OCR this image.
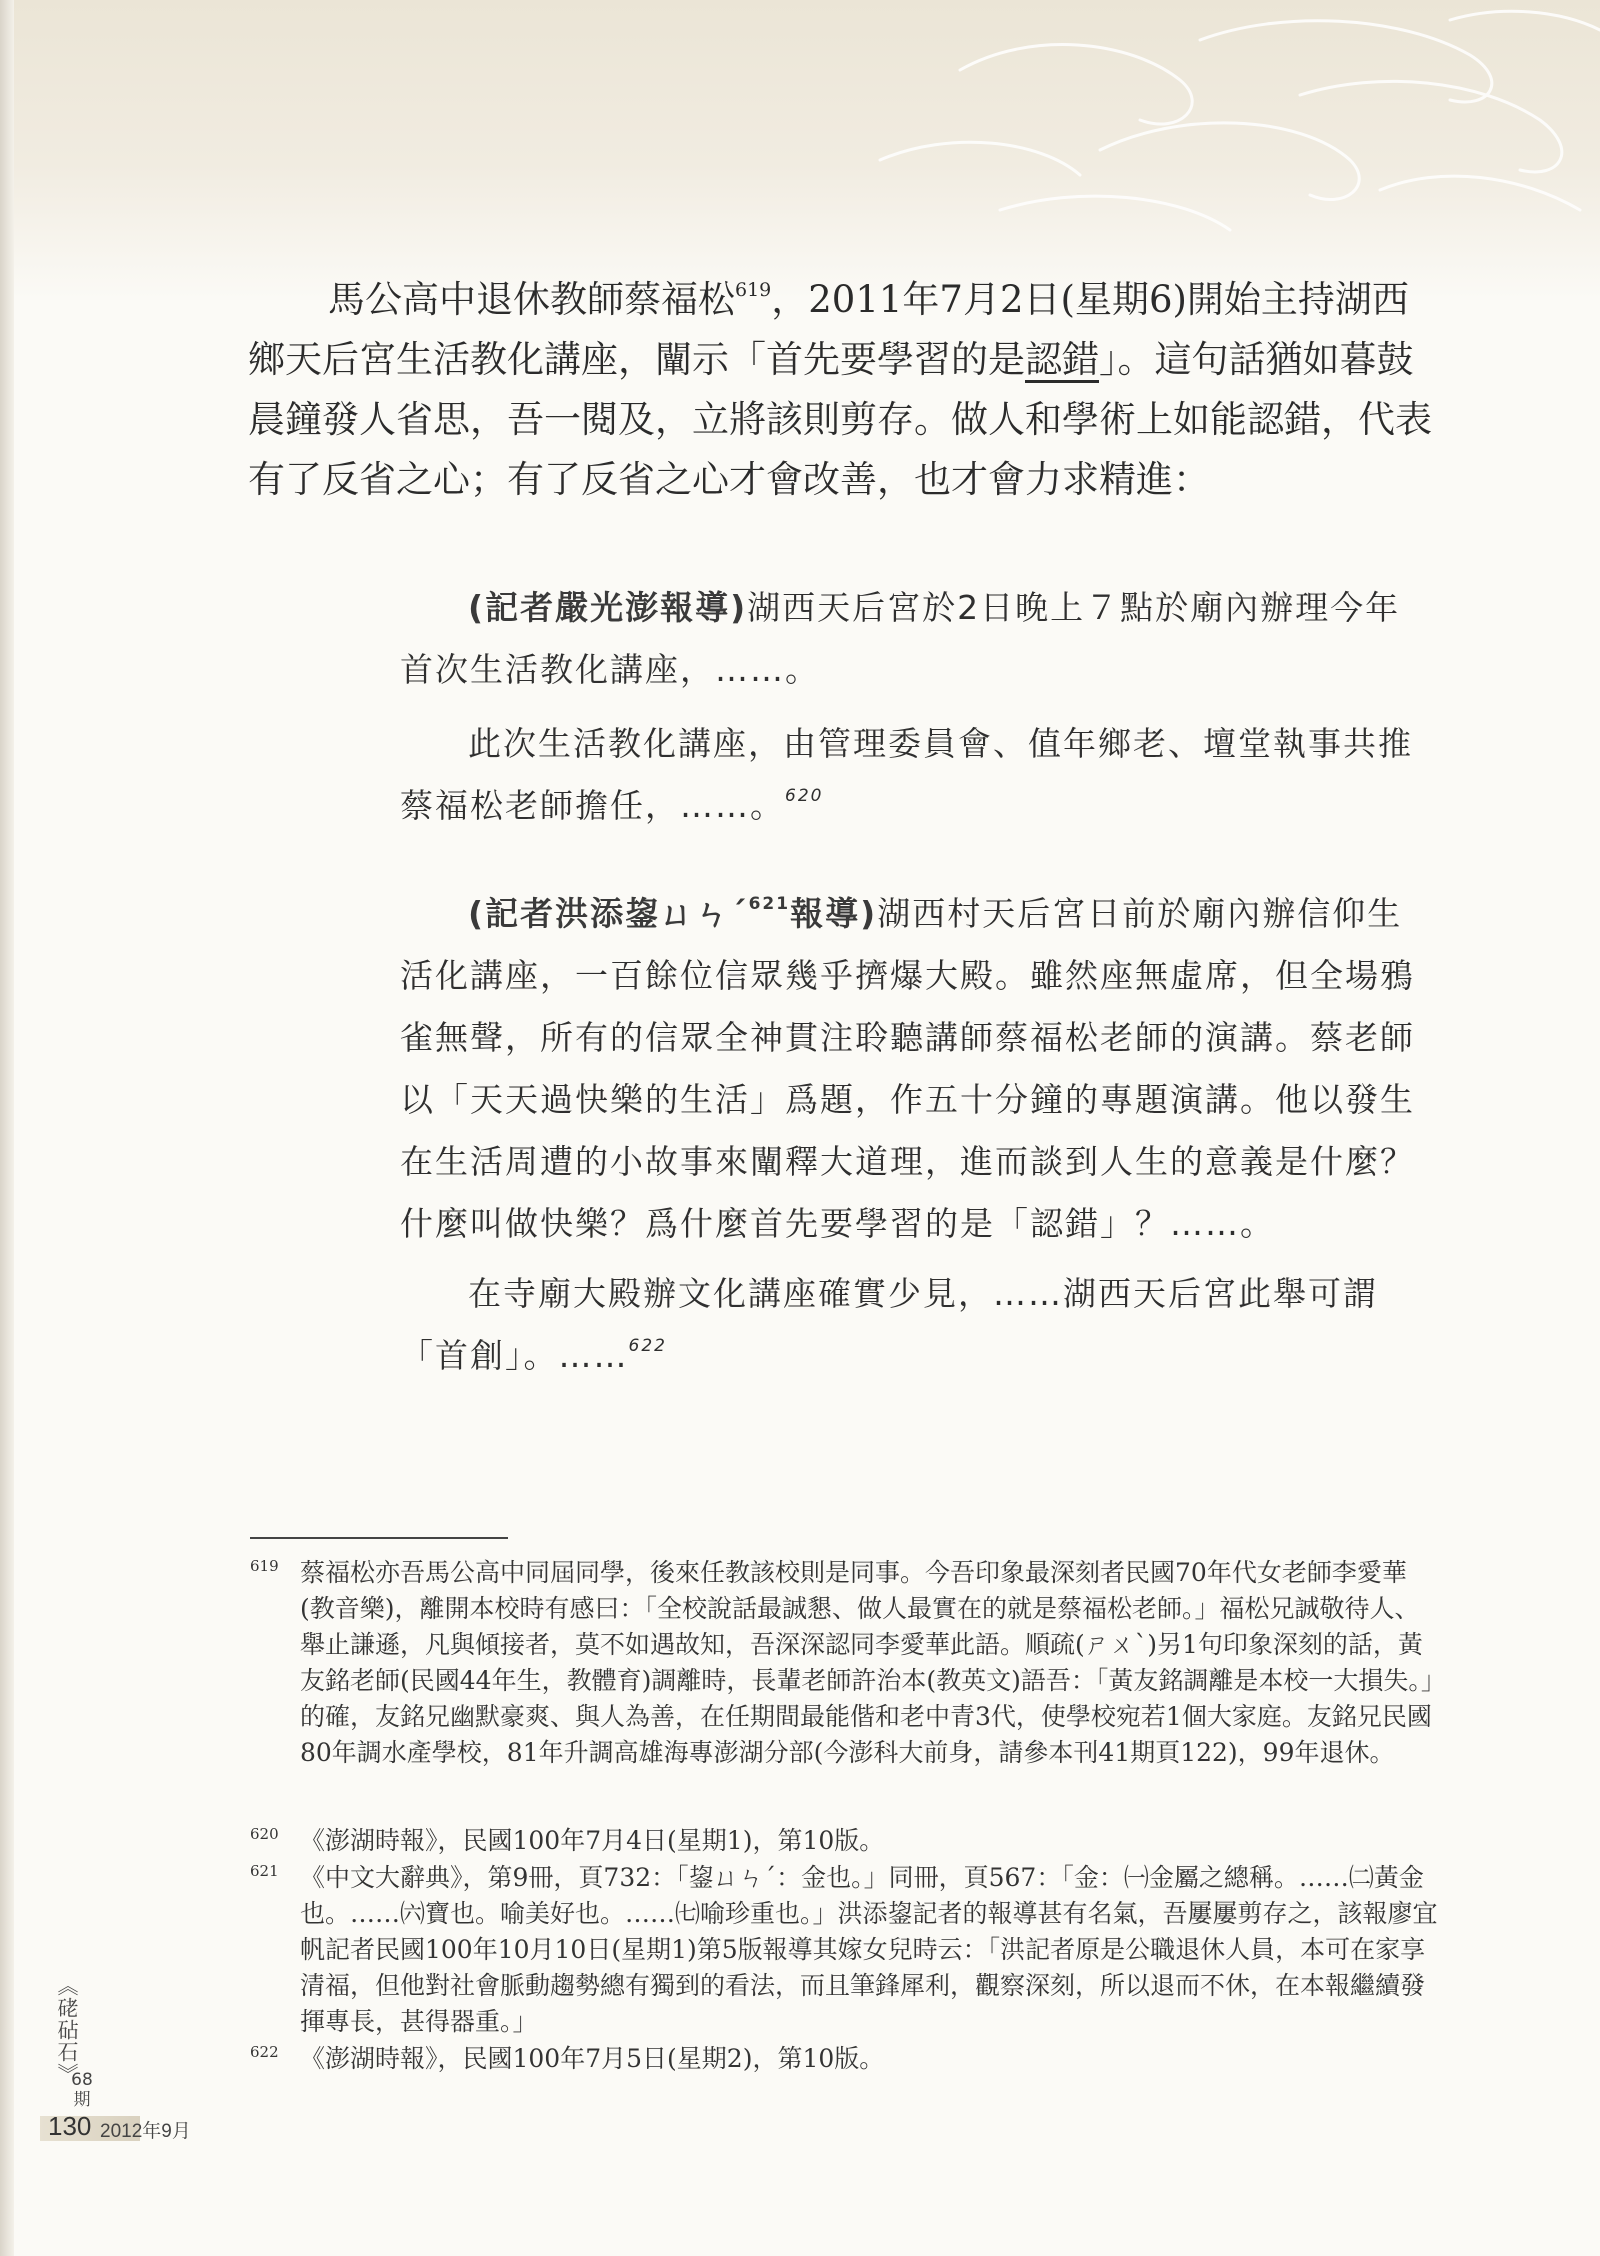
馬公高中退休教師蔡福松$^{619}$，2011年7月2日(星期6)開始主持湖西鄉天后宮生活教化講座，闡示「首先要學習的是認錯」。這句話猶如暮鼓晨鐘發人省思，吾一閱及，立將該則剪存。做人和學術上如能認錯，代表有了反省之心；有了反省之心才會改善，也才會力求精進：

(記者嚴光澎報導)湖西天后宮於2日晚上７點於廟內辦理今年首次生活教化講座，……。

此次生活教化講座，由管理委員會、值年鄉老、壇堂執事共推蔡福松老師擔任，……。$^{620}$

(記者洪添鋆ㄩㄣˊ$^{621}$報導)湖西村天后宮日前於廟內辦信仰生活化講座，一百餘位信眾幾乎擠爆大殿。雖然座無虛席，但全場鴉雀無聲，所有的信眾全神貫注聆聽講師蔡福松老師的演講。蔡老師以「天天過快樂的生活」爲題，作五十分鐘的專題演講。他以發生在生活周遭的小故事來闡釋大道理，進而談到人生的意義是什麼？什麼叫做快樂？爲什麼首先要學習的是「認錯」？……。

在寺廟大殿辦文化講座確實少見，……湖西天后宮此舉可謂「首創」。……$^{622}$

619 蔡福松亦吾馬公高中同屆同學，後來任教該校則是同事。今吾印象最深刻者民國70年代女老師李愛華(教音樂)，離開本校時有感曰：「全校說話最誠懇、做人最實在的就是蔡福松老師。」福松兄誠敬待人、舉止謙遜，凡與傾接者，莫不如遇故知，吾深深認同李愛華此語。順疏(ㄕㄨˋ)另1句印象深刻的話，黃友銘老師(民國44年生，教體育)調離時，長輩老師許治本(教英文)語吾：「黃友銘調離是本校一大損失。」的確，友銘兄幽默豪爽、與人為善，在任期間最能偕和老中青3代，使學校宛若1個大家庭。友銘兄民國80年調水產學校，81年升調高雄海專澎湖分部(今澎科大前身，請參本刊41期頁122)，99年退休。
620 《澎湖時報》，民國100年7月4日(星期1)，第10版。
621 《中文大辭典》，第9冊，頁732：「鋆ㄩㄣˊ：金也。」同冊，頁567：「金：㈠金屬之總稱。……㈡黃金也。……㈥寶也。喻美好也。……㈦喻珍重也。」洪添鋆記者的報導甚有名氣，吾屢屢剪存之，該報廖宜帆記者民國100年10月10日(星期1)第5版報導其嫁女兒時云：「洪記者原是公職退休人員，本可在家享清福，但他對社會脈動趨勢總有獨到的看法，而且筆鋒犀利，觀察深刻，所以退而不休，在本報繼續發揮專長，甚得器重。」
622 《澎湖時報》，民國100年7月5日(星期2)，第10版。
《硓砧石》
68
期
130 2012年9月
